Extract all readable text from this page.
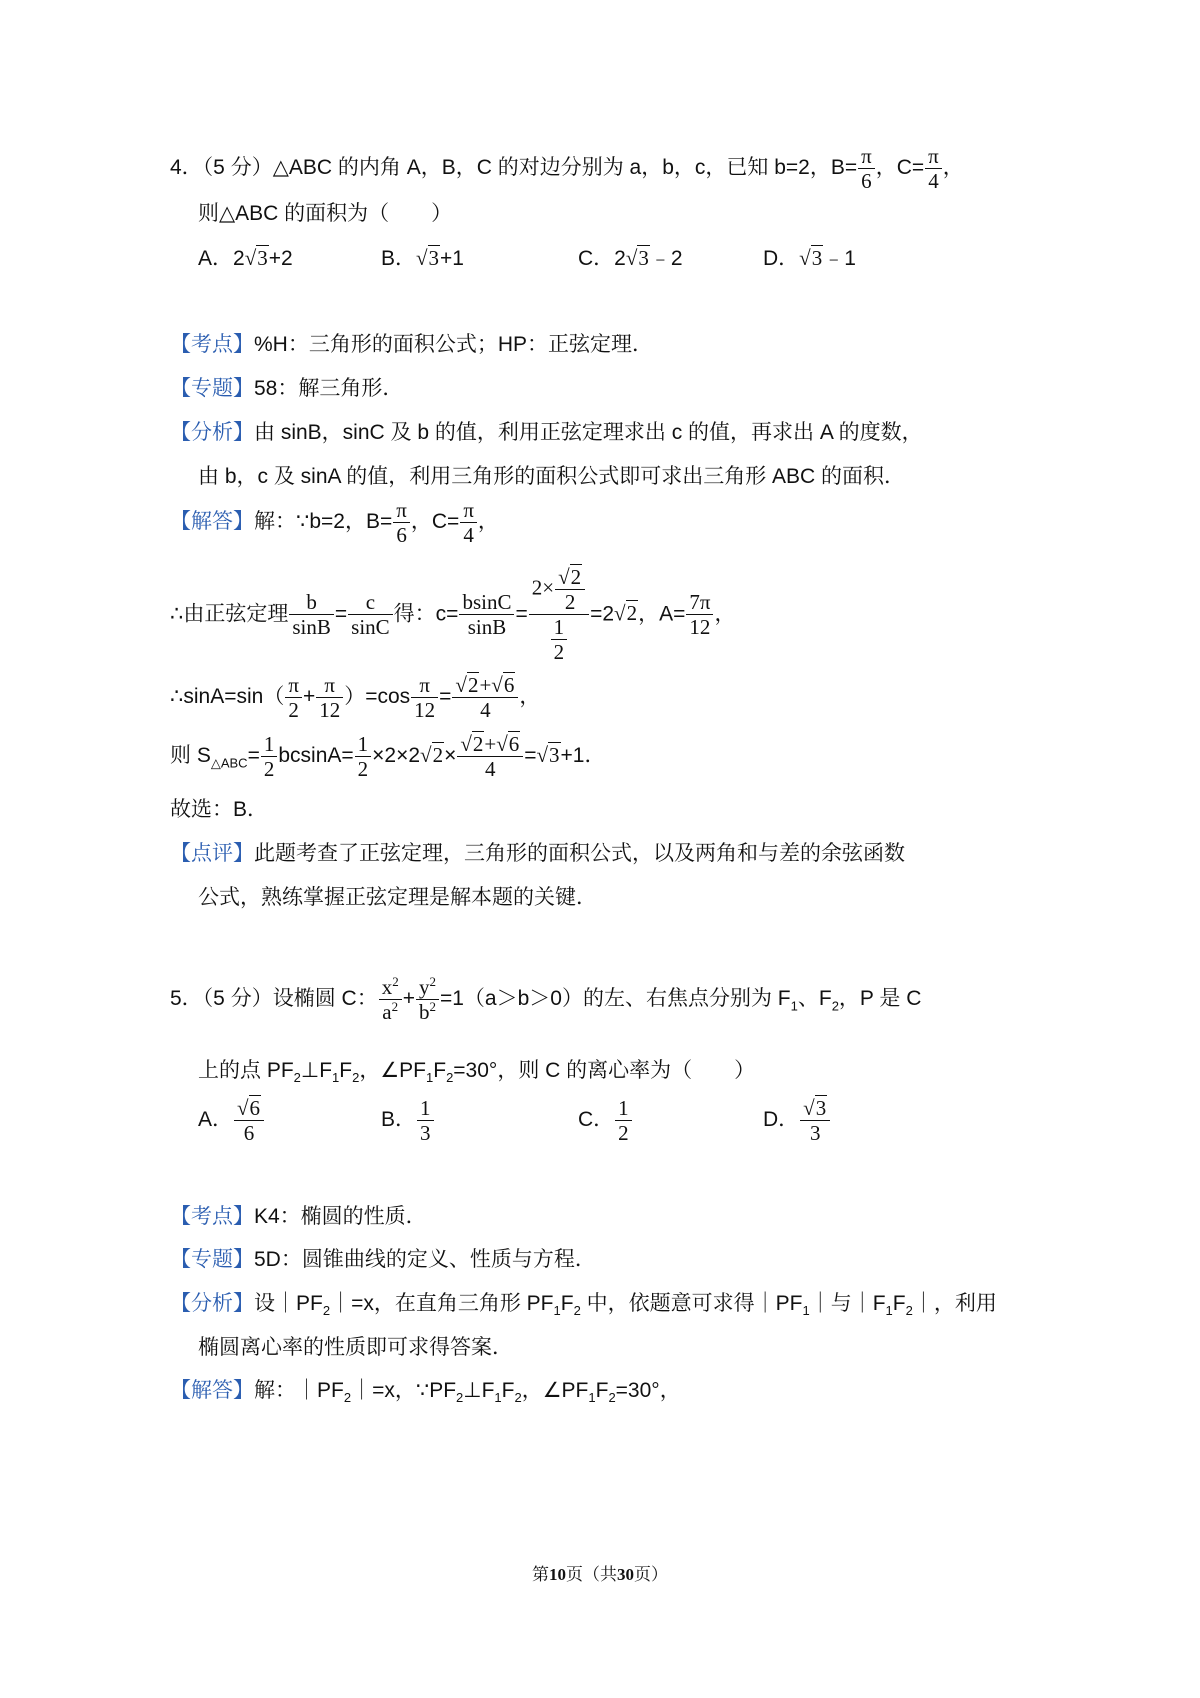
4．（5 分）△ABC 的内角 A，B，C 的对边分别为 a，b，c，已知 b=2，$B= \frac{\pi}{6}$ ，$C= \frac{\pi}{4}$ ，
则△ABC 的面积为（　　）
A．2√3+2	B．√3+1	C．2√3﹣2	D．√3﹣1
【考点】%H：三角形的面积公式；HP：正弦定理．
【专题】58：解三角形．
【分析】由 sinB，sinC 及 b 的值，利用正弦定理求出 c 的值，再求出 A 的度数，
由 b，c 及 sinA 的值，利用三角形的面积公式即可求出三角形 ABC 的面积．
【解答】解：∵b=2，$B= \frac{\pi}{6}$ ，$C= \frac{\pi}{4}$ ，
∴由正弦定理 $\frac{b}{\sin B} = \frac{c}{\sin C}$ 得：$c= \frac{bsinC}{\sin B} = \frac{2\times \frac{√2}{2}}{\frac{1}{2}} =2√2$，$A= \frac{7\pi}{12}$ ，
∴sinA=sin（ $\frac{\pi}{2} + \frac{\pi}{12} )=\cos \frac{\pi}{12} = \frac{√2+√6}{4}$ ，
则 $S_{\triangle ABC}= \frac{1}{2} bcsinA= \frac{1}{2} \times 2\times 2√2\times \frac{√2+√6}{4} =√3+1$．
故选：B．
【点评】此题考查了正弦定理，三角形的面积公式，以及两角和与差的余弦函数
公式，熟练掌握正弦定理是解本题的关键．
5．（5 分）设椭圆 C： $\frac{x^2}{a^2} + \frac{y^2}{b^2} =1(a>b>0)$的左、右焦点分别为 $F_1$、$F_2$，P 是 C
上的点 $PF_2\perp F_1F_2$，$\angle PF_1F_2=30^\circ$，则 C 的离心率为（　　）
A． $\frac{√6}{6}$	B． $\frac{1}{3}$	C． $\frac{1}{2}$	D． $\frac{√3}{3}$
【考点】K4：椭圆的性质．
【专题】5D：圆锥曲线的定义、性质与方程．
【分析】设$|PF_2|=x$，在直角三角形 $PF_1F_2$ 中，依题意可求得$|PF_1|$与$|F_1F_2|$，利用
椭圆离心率的性质即可求得答案．
【解答】解：$|PF_2|=x$，$\because PF_2\perp F_1F_2$，$\angle PF_1F_2=30^\circ$，
第10页（共30页）
